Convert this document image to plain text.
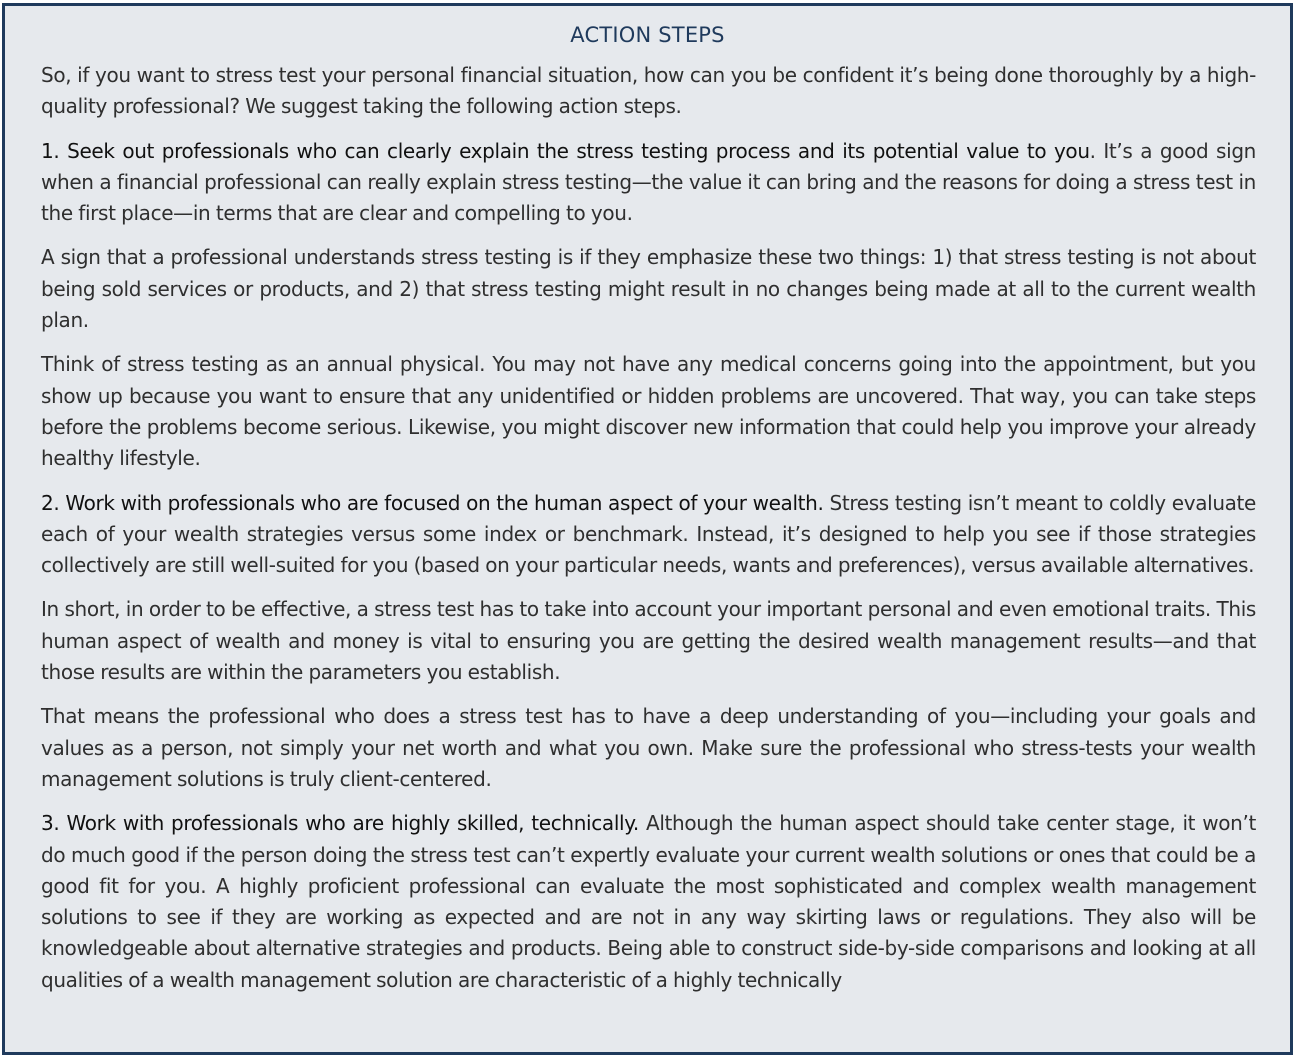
ACTION STEPS

So, if you want to stress test your personal financial situation, how can you be confident it’s being done thoroughly by a high-quality professional? We suggest taking the following action steps.

1. Seek out professionals who can clearly explain the stress testing process and its potential value to you. It’s a good sign when a financial professional can really explain stress testing—the value it can bring and the reasons for doing a stress test in the first place—in terms that are clear and compelling to you.

A sign that a professional understands stress testing is if they emphasize these two things: 1) that stress testing is not about being sold services or products, and 2) that stress testing might result in no changes being made at all to the current wealth plan.

Think of stress testing as an annual physical. You may not have any medical concerns going into the appointment, but you show up because you want to ensure that any unidentified or hidden problems are uncovered. That way, you can take steps before the problems become serious. Likewise, you might discover new information that could help you improve your already healthy lifestyle.

2. Work with professionals who are focused on the human aspect of your wealth. Stress testing isn’t meant to coldly evaluate each of your wealth strategies versus some index or benchmark. Instead, it’s designed to help you see if those strategies collectively are still well-suited for you (based on your particular needs, wants and preferences), versus available alternatives.

In short, in order to be effective, a stress test has to take into account your important personal and even emotional traits. This human aspect of wealth and money is vital to ensuring you are getting the desired wealth management results—and that those results are within the parameters you establish.

That means the professional who does a stress test has to have a deep understanding of you—including your goals and values as a person, not simply your net worth and what you own. Make sure the professional who stress-tests your wealth management solutions is truly client-centered.

3. Work with professionals who are highly skilled, technically. Although the human aspect should take center stage, it won’t do much good if the person doing the stress test can’t expertly evaluate your current wealth solutions or ones that could be a good fit for you. A highly proficient professional can evaluate the most sophisticated and complex wealth management solutions to see if they are working as expected and are not in any way skirting laws or regulations. They also will be knowledgeable about alternative strategies and products. Being able to construct side-by-side comparisons and looking at all qualities of a wealth management solution are characteristic of a highly technically
